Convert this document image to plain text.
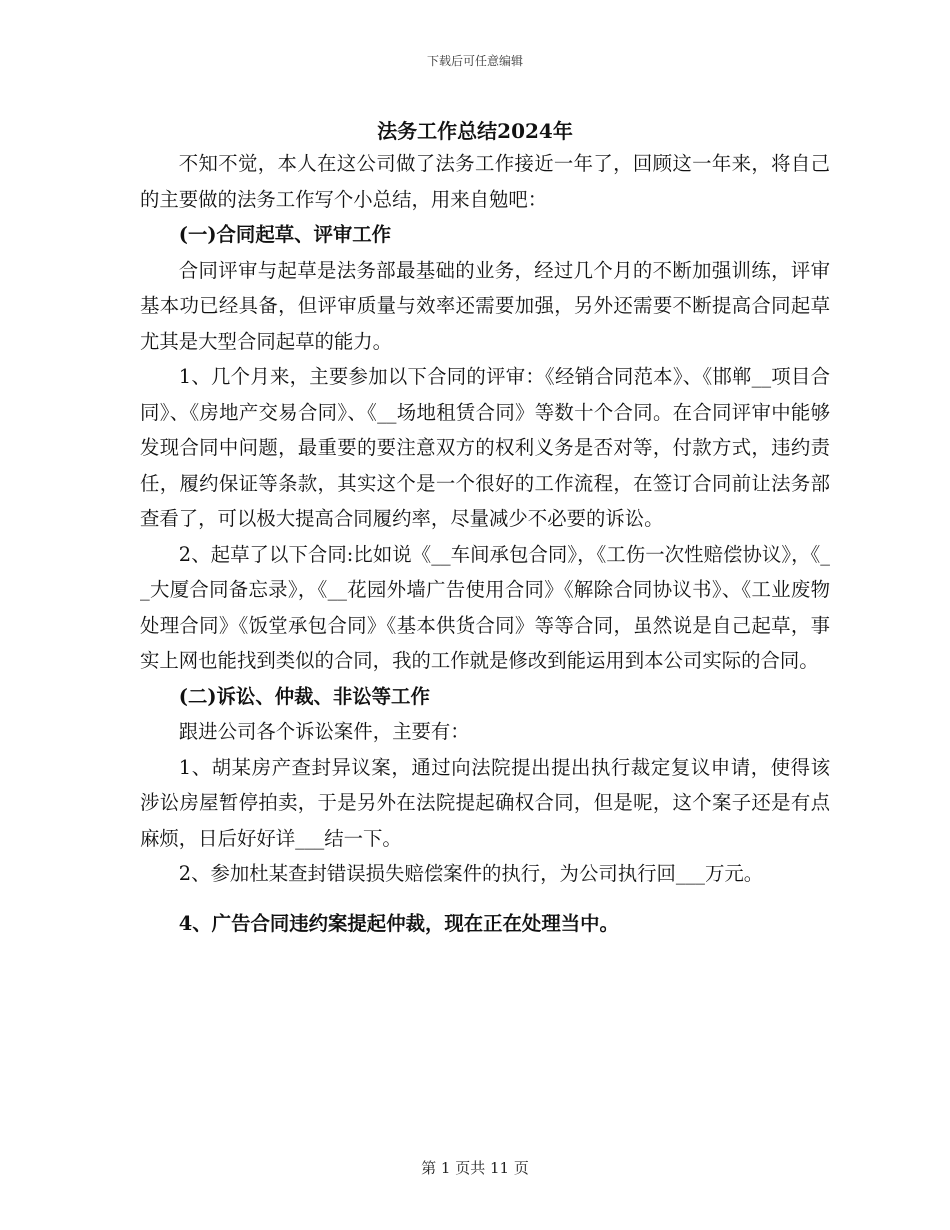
下载后可任意编辑
法务工作总结2024年

不知不觉，本人在这公司做了法务工作接近一年了，回顾这一年来，将自己的主要做的法务工作写个小总结，用来自勉吧：

(一)合同起草、评审工作

合同评审与起草是法务部最基础的业务，经过几个月的不断加强训练，评审基本功已经具备，但评审质量与效率还需要加强，另外还需要不断提高合同起草尤其是大型合同起草的能力。

1、几个月来，主要参加以下合同的评审：《经销合同范本》、《邯郸__项目合同》、《房地产交易合同》、《__场地租赁合同》等数十个合同。在合同评审中能够发现合同中问题，最重要的要注意双方的权利义务是否对等，付款方式，违约责任，履约保证等条款，其实这个是一个很好的工作流程，在签订合同前让法务部查看了，可以极大提高合同履约率，尽量减少不必要的诉讼。

2、起草了以下合同:比如说《__车间承包合同》，《工伤一次性赔偿协议》，《__大厦合同备忘录》，《__花园外墙广告使用合同》《解除合同协议书》、《工业废物处理合同》《饭堂承包合同》《基本供货合同》等等合同，虽然说是自己起草，事实上网也能找到类似的合同，我的工作就是修改到能运用到本公司实际的合同。

(二)诉讼、仲裁、非讼等工作

跟进公司各个诉讼案件，主要有：

1、胡某房产查封异议案，通过向法院提出提出执行裁定复议申请，使得该涉讼房屋暂停拍卖，于是另外在法院提起确权合同，但是呢，这个案子还是有点麻烦，日后好好详___结一下。

2、参加杜某查封错误损失赔偿案件的执行，为公司执行回___万元。

4、广告合同违约案提起仲裁，现在正在处理当中。

第 1 页共 11 页
